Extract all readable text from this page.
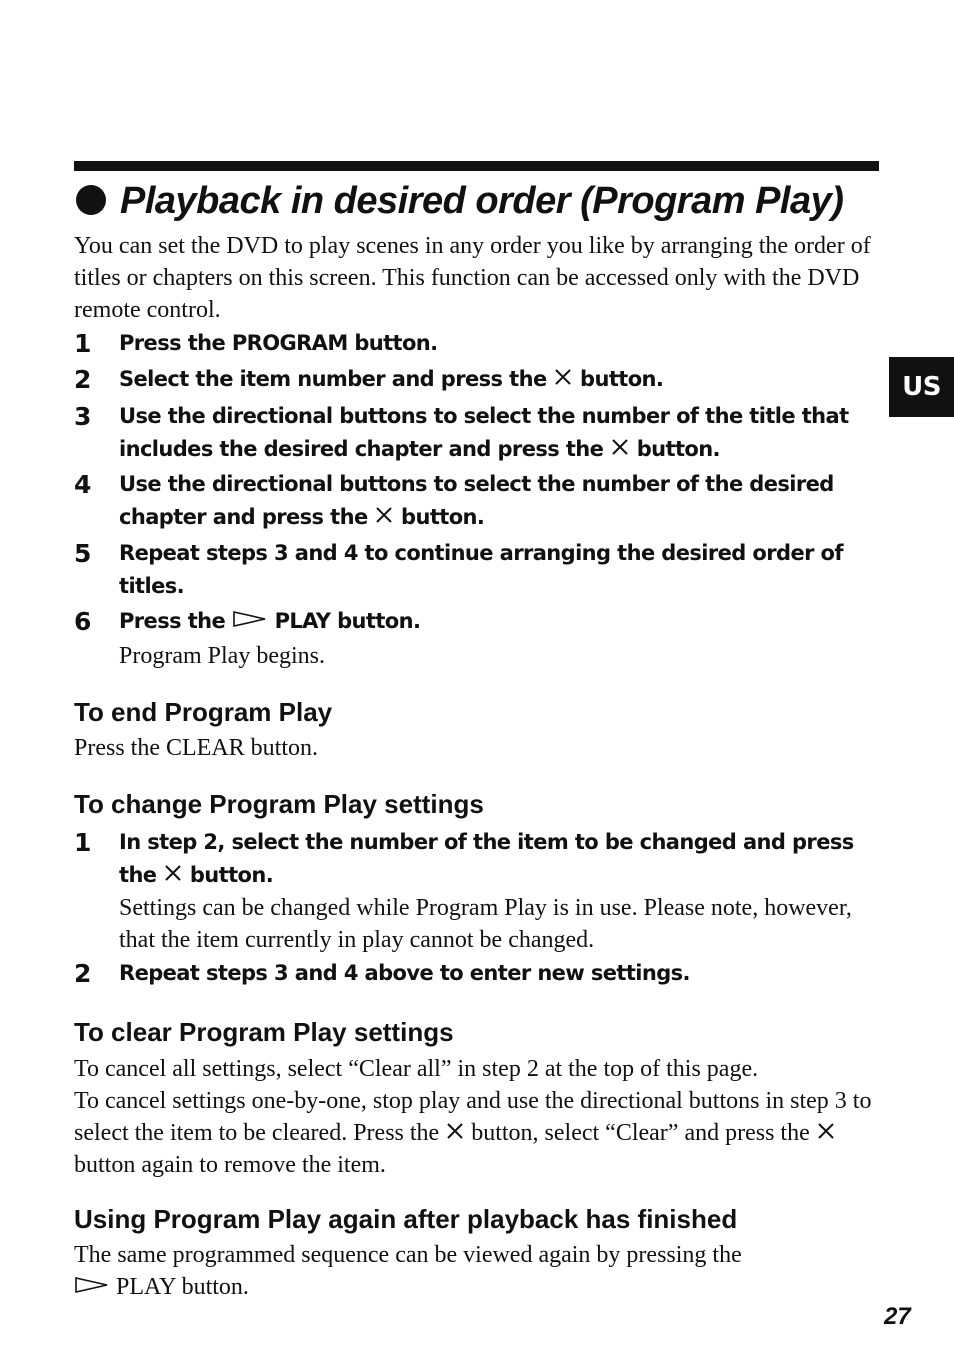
Playback in desired order (Program Play)
You can set the DVD to play scenes in any order you like by arranging the order of titles or chapters on this screen. This function can be accessed only with the DVD remote control.
1	Press the PROGRAM button.
2	Select the item number and press the button.
3	Use the directional buttons to select the number of the title that includes the desired chapter and press the button.
4	Use the directional buttons to select the number of the desired chapter and press the button.
5	Repeat steps 3 and 4 to continue arranging the desired order of titles.
6	Press the PLAY button.
Program Play begins.
To end Program Play
Press the CLEAR button.
To change Program Play settings
1	In step 2, select the number of the item to be changed and press the button.
Settings can be changed while Program Play is in use. Please note, however, that the item currently in play cannot be changed.
2	Repeat steps 3 and 4 above to enter new settings.
To clear Program Play settings
To cancel all settings, select “Clear all” in step 2 at the top of this page.
To cancel settings one-by-one, stop play and use the directional buttons in step 3 to select the item to be cleared. Press the button, select “Clear” and press the  button again to remove the item.
Using Program Play again after playback has finished
The same programmed sequence can be viewed again by pressing the
PLAY button.
US
27
